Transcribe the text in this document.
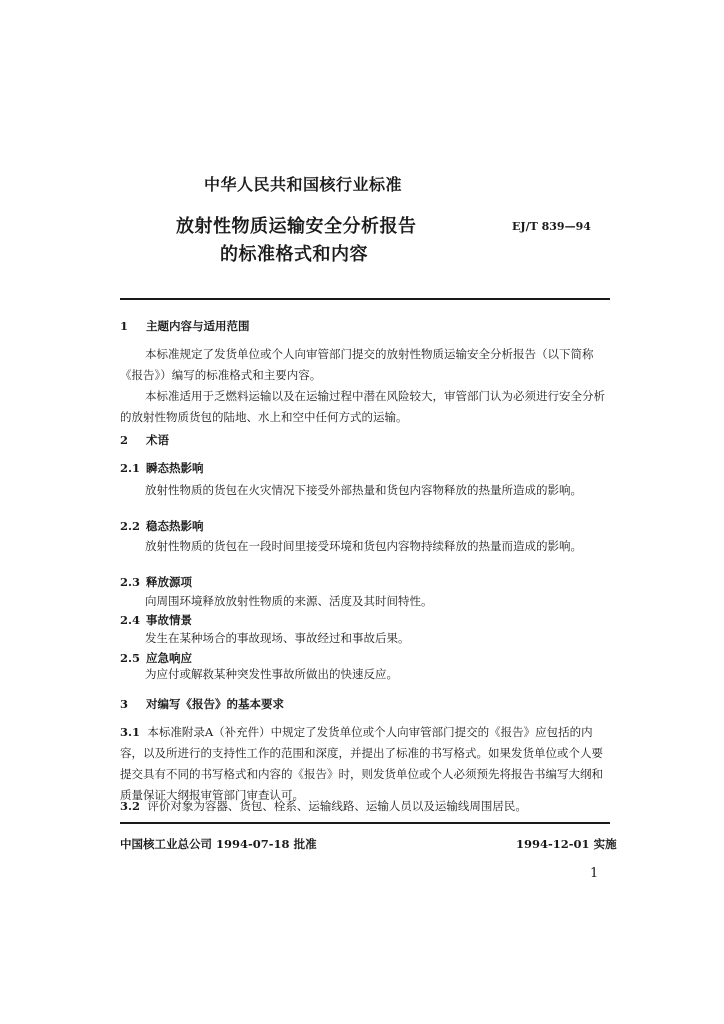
中华人民共和国核行业标准
放射性物质运输安全分析报告
的标准格式和内容
EJ/T 839—94
1 主题内容与适用范围
本标准规定了发货单位或个人向审管部门提交的放射性物质运输安全分析报告（以下简称《报告》）编写的标准格式和主要内容。
本标准适用于乏燃料运输以及在运输过程中潜在风险较大，审管部门认为必须进行安全分析的放射性物质货包的陆地、水上和空中任何方式的运输。
2 术语
2.1 瞬态热影响
放射性物质的货包在火灾情况下接受外部热量和货包内容物释放的热量所造成的影响。
2.2 稳态热影响
放射性物质的货包在一段时间里接受环境和货包内容物持续释放的热量而造成的影响。
2.3 释放源项
向周围环境释放放射性物质的来源、活度及其时间特性。
2.4 事故情景
发生在某种场合的事故现场、事故经过和事故后果。
2.5 应急响应
为应付或解救某种突发性事故所做出的快速反应。
3 对编写《报告》的基本要求
3.1 本标准附录A（补充件）中规定了发货单位或个人向审管部门提交的《报告》应包括的内容，以及所进行的支持性工作的范围和深度，并提出了标准的书写格式。如果发货单位或个人要提交具有不同的书写格式和内容的《报告》时，则发货单位或个人必须预先将报告书编写大纲和质量保证大纲报审管部门审查认可。
3.2 评价对象为容器、货包、栓系、运输线路、运输人员以及运输线周围居民。
中国核工业总公司 1994-07-18 批准	1994-12-01 实施
1
